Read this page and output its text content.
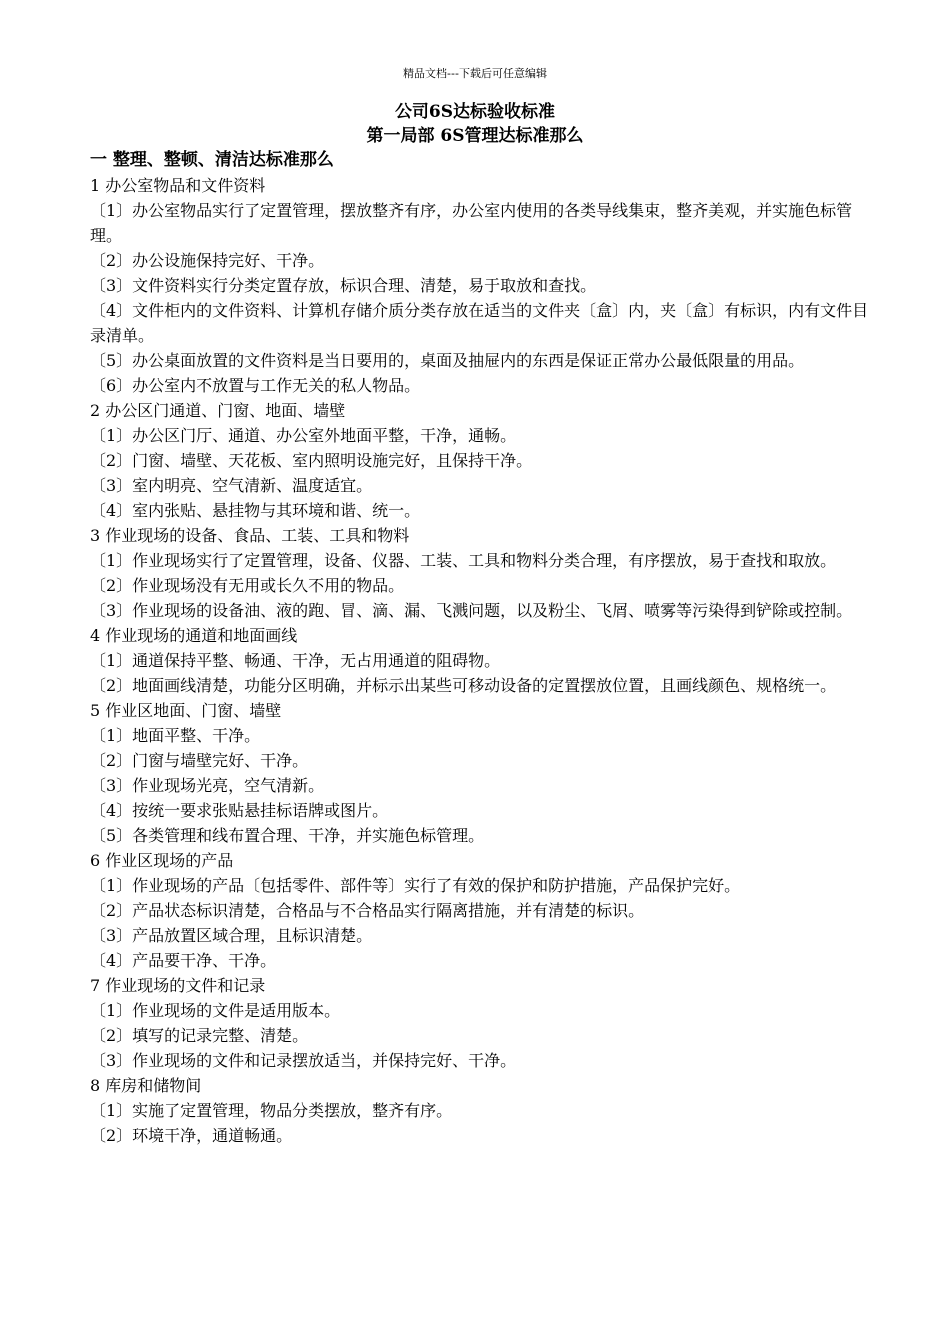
精品文档---下载后可任意编辑
公司6S达标验收标准
第一局部 6S管理达标准那么

一 整理、整顿、清洁达标准那么

1 办公室物品和文件资料

〔1〕办公室物品实行了定置管理，摆放整齐有序，办公室内使用的各类导线集束，整齐美观，并实施色标管理。

〔2〕办公设施保持完好、干净。

〔3〕文件资料实行分类定置存放，标识合理、清楚，易于取放和查找。

〔4〕文件柜内的文件资料、计算机存储介质分类存放在适当的文件夹〔盒〕内，夹〔盒〕有标识，内有文件目录清单。

〔5〕办公桌面放置的文件资料是当日要用的，桌面及抽屉内的东西是保证正常办公最低限量的用品。

〔6〕办公室内不放置与工作无关的私人物品。

2 办公区门通道、门窗、地面、墙壁

〔1〕办公区门厅、通道、办公室外地面平整，干净，通畅。

〔2〕门窗、墙壁、天花板、室内照明设施完好，且保持干净。

〔3〕室内明亮、空气清新、温度适宜。

〔4〕室内张贴、悬挂物与其环境和谐、统一。

3 作业现场的设备、食品、工装、工具和物料

〔1〕作业现场实行了定置管理，设备、仪器、工装、工具和物料分类合理，有序摆放，易于查找和取放。

〔2〕作业现场没有无用或长久不用的物品。

〔3〕作业现场的设备油、液的跑、冒、滴、漏、飞溅问题，以及粉尘、飞屑、喷雾等污染得到铲除或控制。

4 作业现场的通道和地面画线

〔1〕通道保持平整、畅通、干净，无占用通道的阻碍物。

〔2〕地面画线清楚，功能分区明确，并标示出某些可移动设备的定置摆放位置，且画线颜色、规格统一。

5 作业区地面、门窗、墙壁

〔1〕地面平整、干净。

〔2〕门窗与墙壁完好、干净。

〔3〕作业现场光亮，空气清新。

〔4〕按统一要求张贴悬挂标语牌或图片。

〔5〕各类管理和线布置合理、干净，并实施色标管理。

6 作业区现场的产品

〔1〕作业现场的产品〔包括零件、部件等〕实行了有效的保护和防护措施，产品保护完好。

〔2〕产品状态标识清楚，合格品与不合格品实行隔离措施，并有清楚的标识。

〔3〕产品放置区域合理，且标识清楚。

〔4〕产品要干净、干净。

7 作业现场的文件和记录

〔1〕作业现场的文件是适用版本。

〔2〕填写的记录完整、清楚。

〔3〕作业现场的文件和记录摆放适当，并保持完好、干净。

8 库房和储物间

〔1〕实施了定置管理，物品分类摆放，整齐有序。

〔2〕环境干净，通道畅通。
